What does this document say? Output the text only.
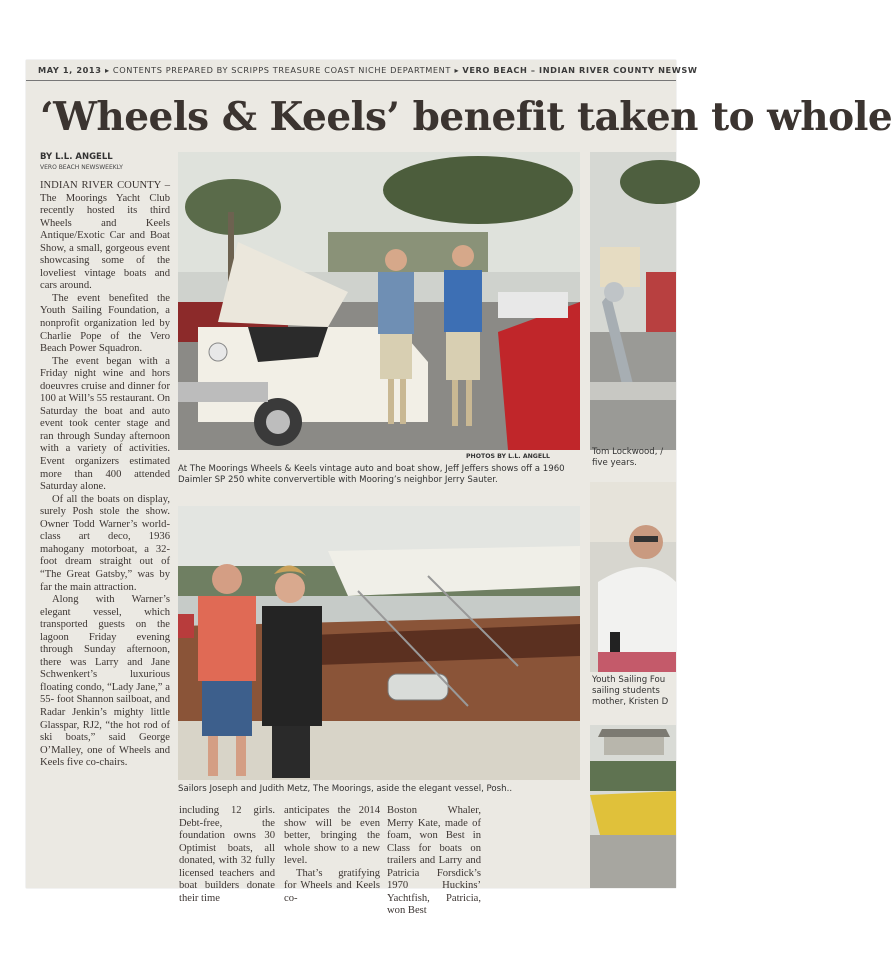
MAY 1, 2013 ▸ CONTENTS PREPARED BY SCRIPPS TREASURE COAST NICHE DEPARTMENT ▸ VERO BEACH – INDIAN RIVER COUNTY NEWSW
‘Wheels & Keels’ benefit taken to whole
BY L.L. ANGELL
VERO BEACH NEWSWEEKLY

INDIAN RIVER COUNTY – The Moorings Yacht Club recently hosted its third Wheels and Keels Antique/Exotic Car and Boat Show, a small, gorgeous event showcasing some of the loveliest vintage boats and cars around.

The event benefited the Youth Sailing Foundation, a nonprofit organization led by Charlie Pope of the Vero Beach Power Squadron.

The event began with a Friday night wine and hors doeuvres cruise and dinner for 100 at Will’s 55 restaurant. On Saturday the boat and auto event took center stage and ran through Sunday afternoon with a variety of activities. Event organizers estimated more than 400 attended Saturday alone.

Of all the boats on display, surely Posh stole the show. Owner Todd Warner’s world-class art deco, 1936 mahogany motorboat, a 32-foot dream straight out of “The Great Gatsby,” was by far the main attraction.

Along with Warner’s elegant vessel, which transported guests on the lagoon Friday evening through Sunday afternoon, there was Larry and Jane Schwenkert’s luxurious floating condo, “Lady Jane,” a 55- foot Shannon sailboat, and Radar Jenkin’s mighty little Glasspar, RJ2, “the hot rod of ski boats,” said George O’Malley, one of Wheels and Keels five co-chairs.

PHOTOS BY L.L. ANGELL
At The Moorings Wheels & Keels vintage auto and boat show, Jeff Jeffers shows off a 1960 Daimler SP 250 white conververtible with Mooring’s neighbor Jerry Sauter.
Sailors Joseph and Judith Metz, The Moorings, aside the elegant vessel, Posh..

including 12 girls. Debt-free, the foundation owns 30 Optimist boats, all donated, with 32 fully licensed teachers and boat builders donate their time

anticipates the 2014 show will be even better, bringing the whole show to a new level.

That’s gratifying for Wheels and Keels co-

Boston Whaler, Merry Kate, made of foam, won Best in Class for boats on trailers and Larry and Patricia Forsdick’s 1970 Huckins’ Yachtfish, Patricia, won Best

Tom Lockwood, /
five years.
Youth Sailing Fou
sailing students
mother, Kristen D
